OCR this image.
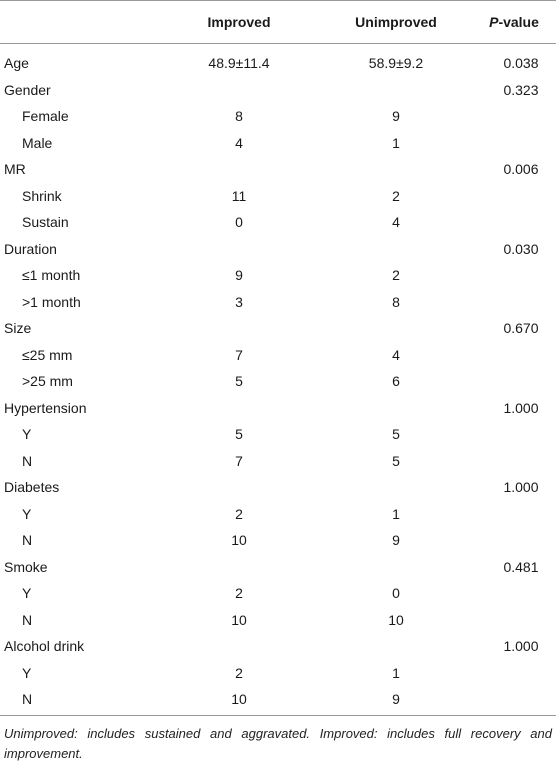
	Improved	Unimproved	P-value
Age	48.9±11.4	58.9±9.2	0.038
Gender			0.323
Female	8	9	
Male	4	1	
MR			0.006
Shrink	11	2	
Sustain	0	4	
Duration			0.030
≤1 month	9	2	
>1 month	3	8	
Size			0.670
≤25 mm	7	4	
>25 mm	5	6	
Hypertension			1.000
Y	5	5	
N	7	5	
Diabetes			1.000
Y	2	1	
N	10	9	
Smoke			0.481
Y	2	0	
N	10	10	
Alcohol drink			1.000
Y	2	1	
N	10	9	
Unimproved: includes sustained and aggravated. Improved: includes full recovery and improvement.
